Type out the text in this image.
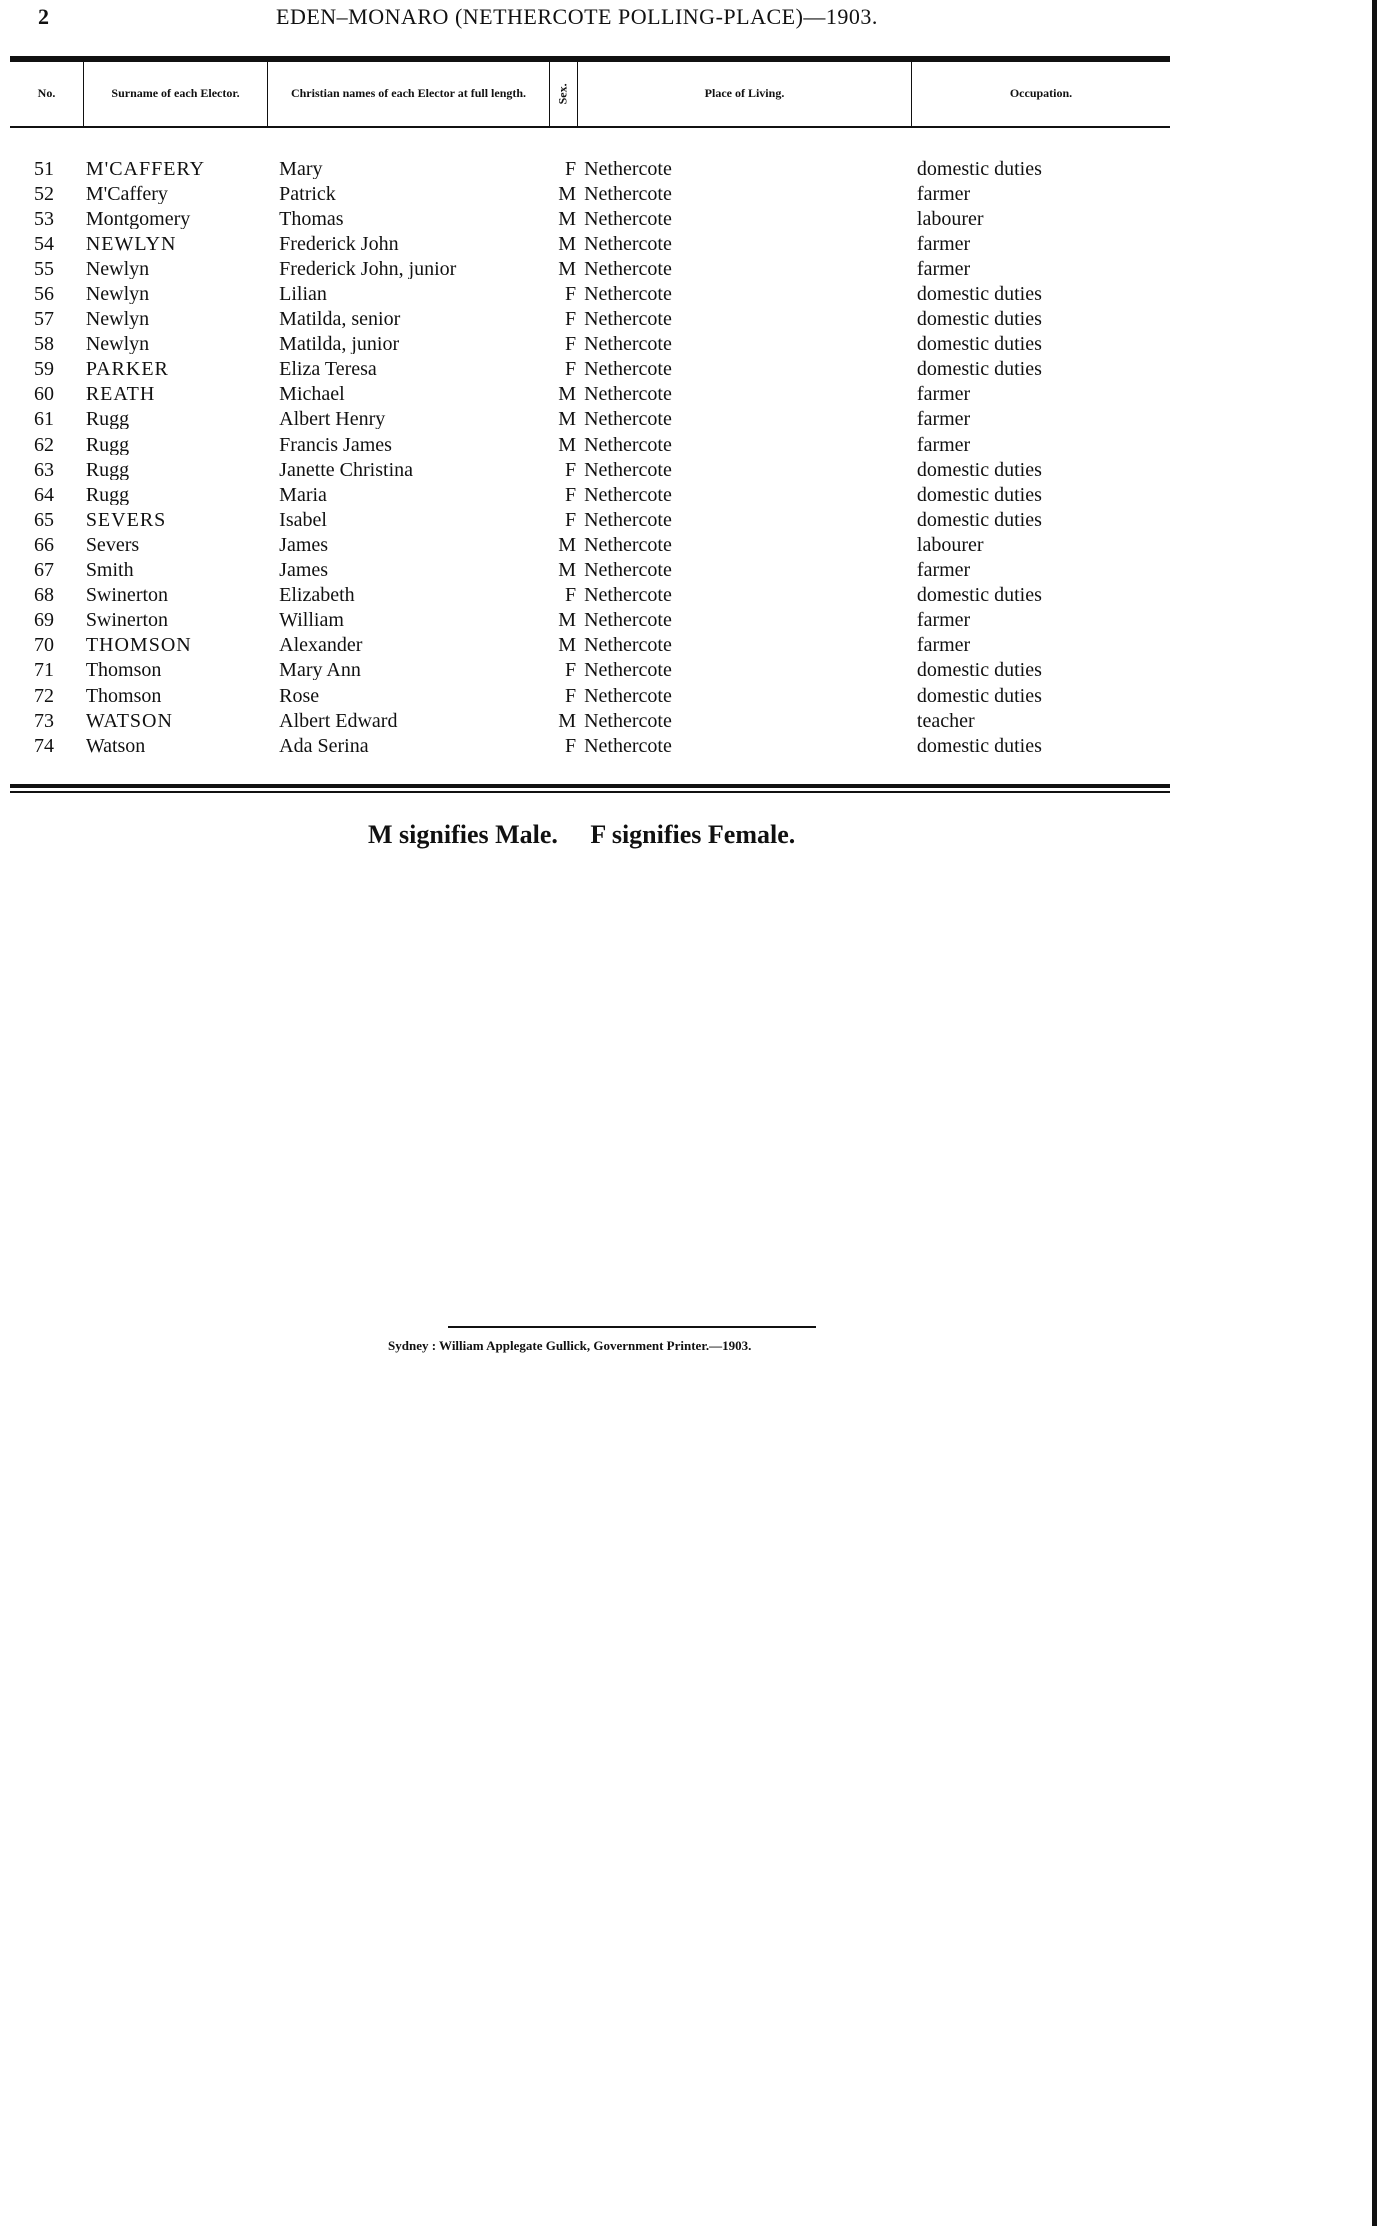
2	EDEN–MONARO (NETHERCOTE POLLING-PLACE)—1903.
No.	Surname of each Elector.	Christian names of each Elector at full length.	Sex.	Place of Living.	Occupation.
51	M'CAFFERY	Mary	F Nethercote	domestic duties
52	M'Caffery	Patrick	M Nethercote	farmer
53	Montgomery	Thomas	M Nethercote	labourer
54	NEWLYN	Frederick John	M Nethercote	farmer
55	Newlyn	Frederick John, junior	M Nethercote	farmer
56	Newlyn	Lilian	F Nethercote	domestic duties
57	Newlyn	Matilda, senior	F Nethercote	domestic duties
58	Newlyn	Matilda, junior	F Nethercote	domestic duties
59	PARKER	Eliza Teresa	F Nethercote	domestic duties
60	REATH	Michael	M Nethercote	farmer
61	Rugg	Albert Henry	M Nethercote	farmer
62	Rugg	Francis James	M Nethercote	farmer
63	Rugg	Janette Christina	F Nethercote	domestic duties
64	Rugg	Maria	F Nethercote	domestic duties
65	SEVERS	Isabel	F Nethercote	domestic duties
66	Severs	James	M Nethercote	labourer
67	Smith	James	M Nethercote	farmer
68	Swinerton	Elizabeth	F Nethercote	domestic duties
69	Swinerton	William	M Nethercote	farmer
70	THOMSON	Alexander	M Nethercote	farmer
71	Thomson	Mary Ann	F Nethercote	domestic duties
72	Thomson	Rose	F Nethercote	domestic duties
73	WATSON	Albert Edward	M Nethercote	teacher
74	Watson	Ada Serina	F Nethercote	domestic duties
M signifies Male. F signifies Female.
Sydney : William Applegate Gullick, Government Printer.—1903.
